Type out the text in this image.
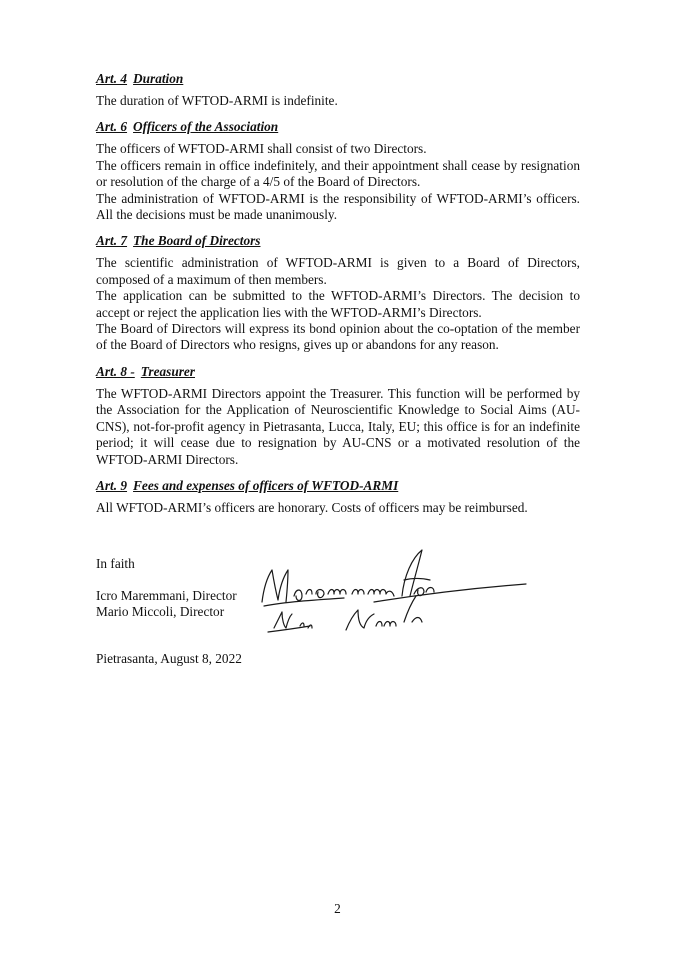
Art. 4 Duration

The duration of WFTOD-ARMI is indefinite.

Art. 6 Officers of the Association

The officers of WFTOD-ARMI shall consist of two Directors.

The officers remain in office indefinitely, and their appointment shall cease by resignation or resolution of the charge of a 4/5 of the Board of Directors.

The administration of WFTOD-ARMI is the responsibility of WFTOD-ARMI’s officers. All the decisions must be made unanimously.

Art. 7 The Board of Directors

The scientific administration of WFTOD-ARMI is given to a Board of Directors, composed of a maximum of then members.

The application can be submitted to the WFTOD-ARMI’s Directors. The decision to accept or reject the application lies with the WFTOD-ARMI’s Directors.

The Board of Directors will express its bond opinion about the co-optation of the member of the Board of Directors who resigns, gives up or abandons for any reason.

Art. 8 - Treasurer

The WFTOD-ARMI Directors appoint the Treasurer. This function will be performed by the Association for the Application of Neuroscientific Knowledge to Social Aims (AU-CNS), not-for-profit agency in Pietrasanta, Lucca, Italy, EU; this office is for an indefinite period; it will cease due to resignation by AU-CNS or a motivated resolution of the WFTOD-ARMI Directors.

Art. 9 Fees and expenses of officers of WFTOD-ARMI

All WFTOD-ARMI’s officers are honorary. Costs of officers may be reimbursed.

In faith
Icro Maremmani, Director
Mario Miccoli, Director
Pietrasanta, August 8, 2022
2
